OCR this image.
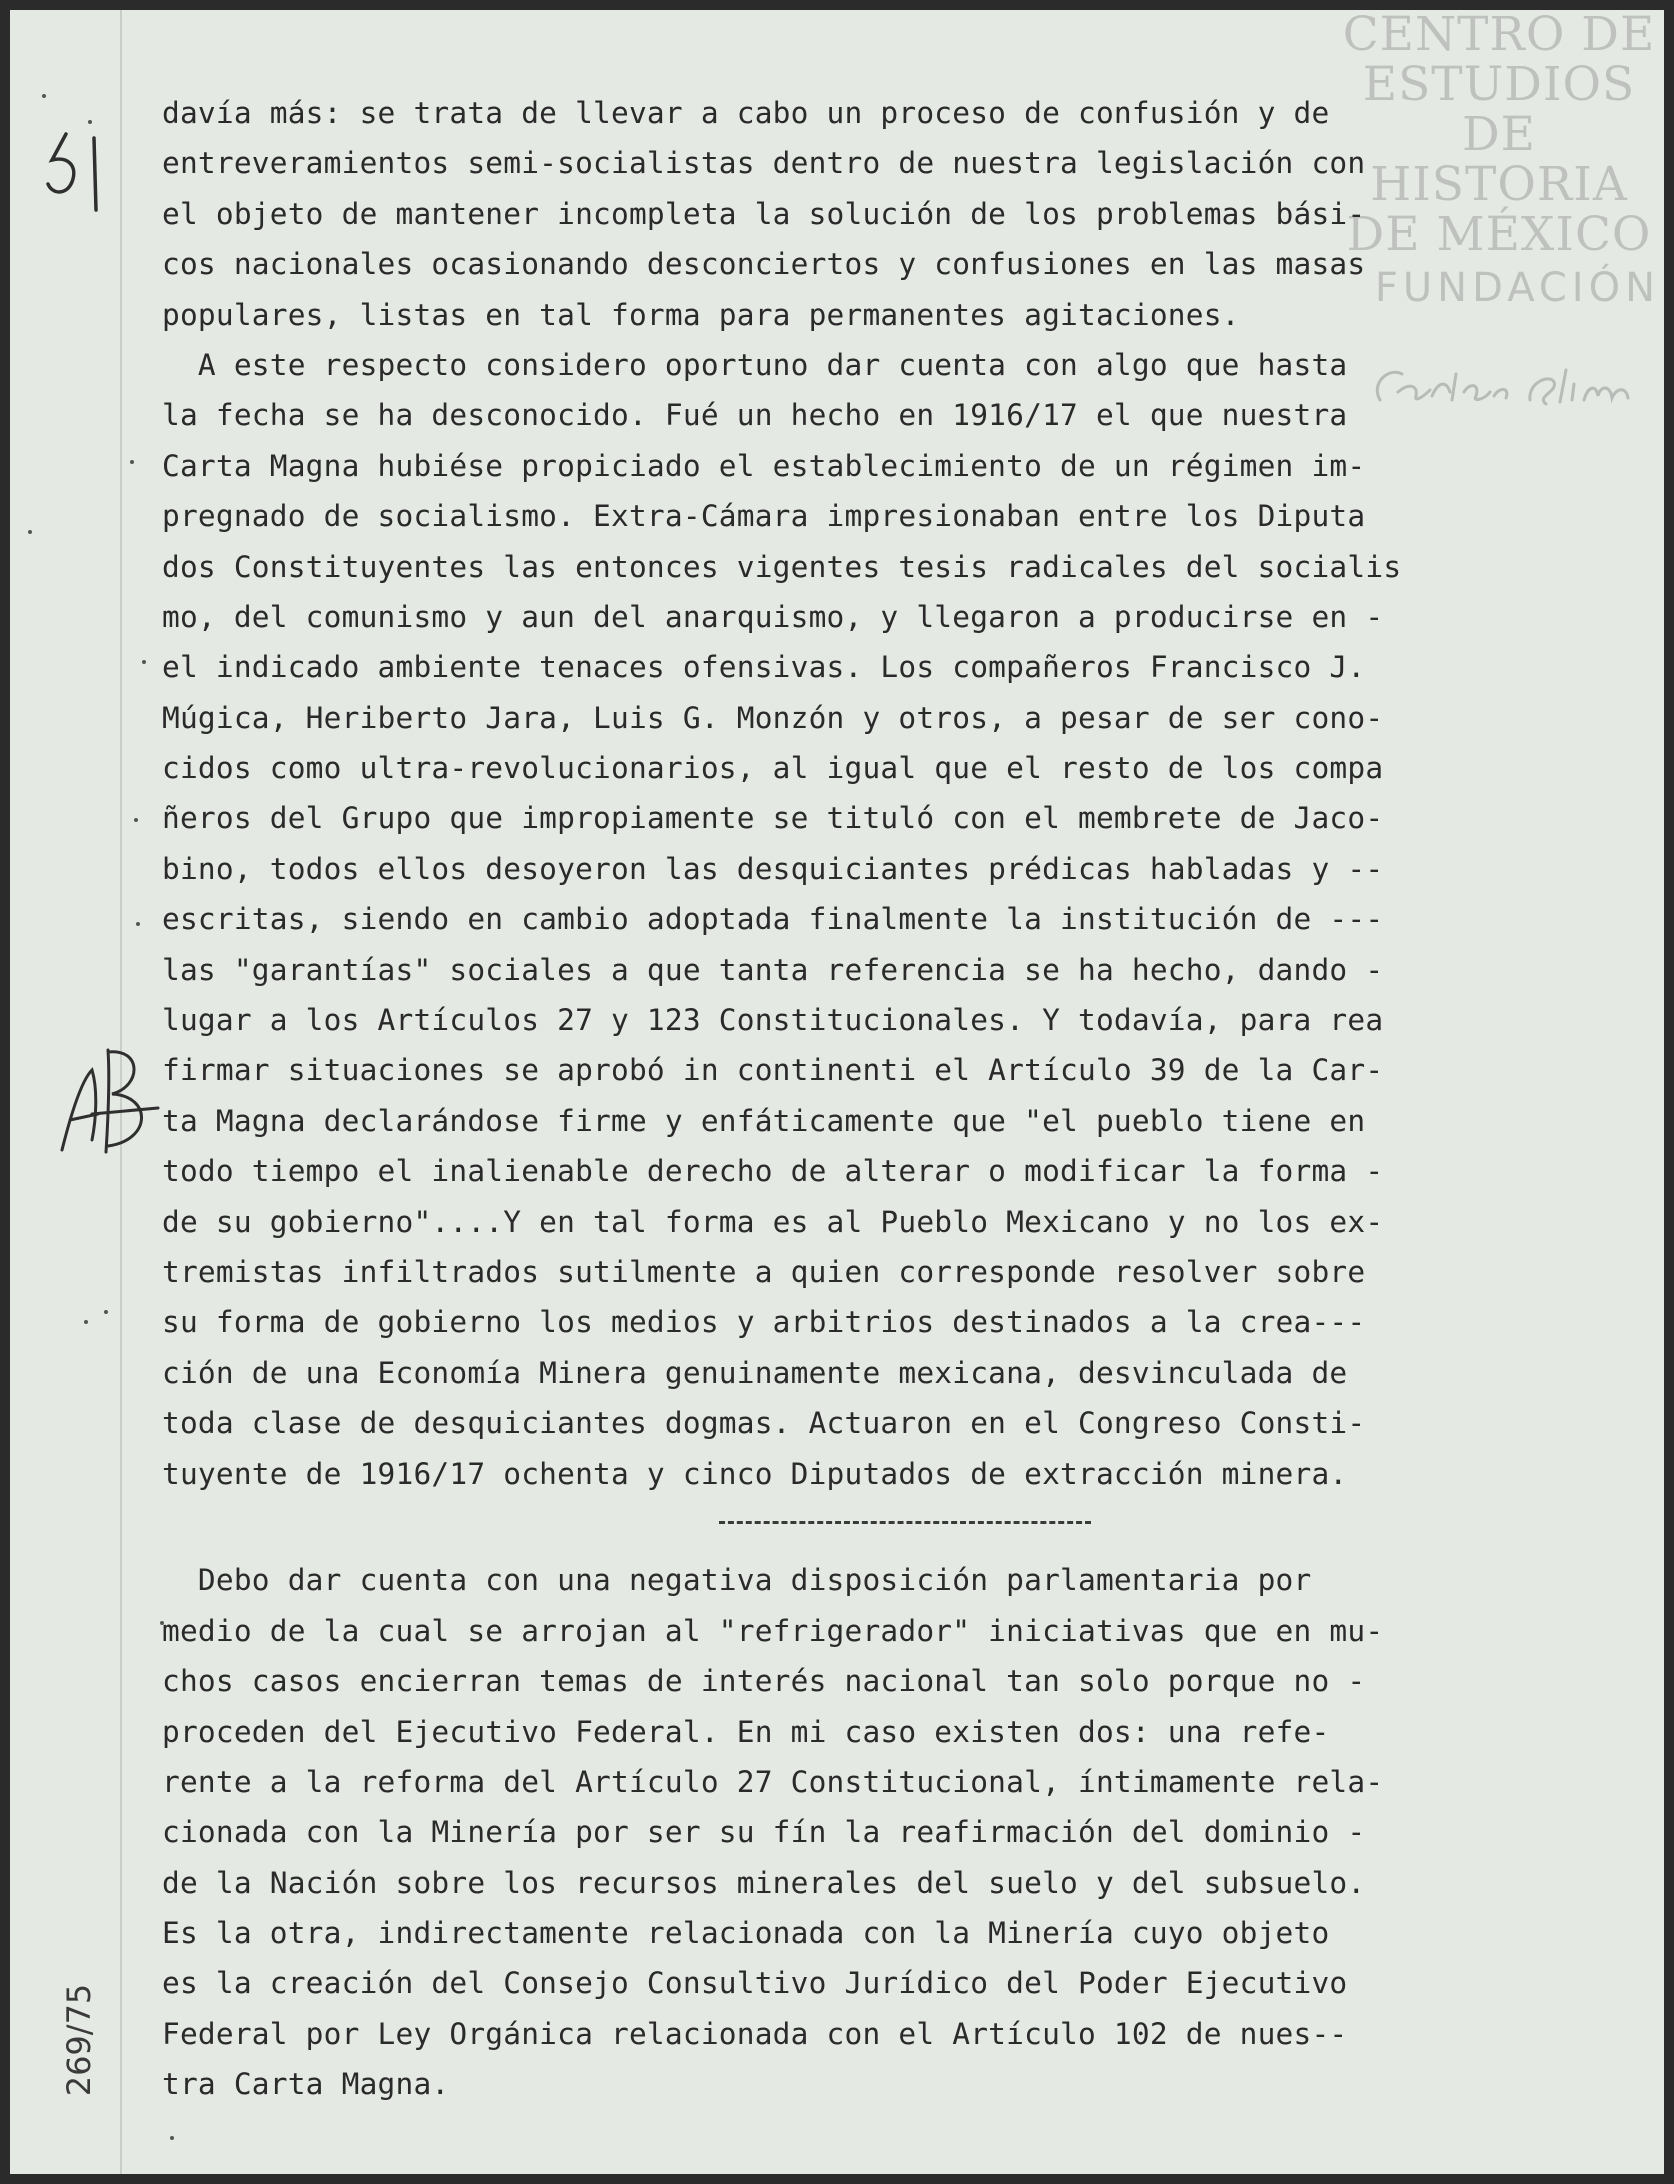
CENTRO DE
ESTUDIOS
DE HISTORIA
DE MÉXICO
FUNDACIÓN
269/75
davía más: se trata de llevar a cabo un proceso de confusión y de
entreveramientos semi-socialistas dentro de nuestra legislación con
el objeto de mantener incompleta la solución de los problemas bási-
cos nacionales ocasionando desconciertos y confusiones en las masas
populares, listas en tal forma para permanentes agitaciones.
A este respecto considero oportuno dar cuenta con algo que hasta
la fecha se ha desconocido. Fué un hecho en 1916/17 el que nuestra
Carta Magna hubiése propiciado el establecimiento de un régimen im-
pregnado de socialismo. Extra-Cámara impresionaban entre los Diputa
dos Constituyentes las entonces vigentes tesis radicales del socialis
mo, del comunismo y aun del anarquismo, y llegaron a producirse en -
el indicado ambiente tenaces ofensivas. Los compañeros Francisco J.
Múgica, Heriberto Jara, Luis G. Monzón y otros, a pesar de ser cono-
cidos como ultra-revolucionarios, al igual que el resto de los compa
ñeros del Grupo que impropiamente se tituló con el membrete de Jaco-
bino, todos ellos desoyeron las desquiciantes prédicas habladas y --
escritas, siendo en cambio adoptada finalmente la institución de ---
las "garantías" sociales a que tanta referencia se ha hecho, dando -
lugar a los Artículos 27 y 123 Constitucionales. Y todavía, para rea
firmar situaciones se aprobó in continenti el Artículo 39 de la Car-
ta Magna declarándose firme y enfáticamente que "el pueblo tiene en
todo tiempo el inalienable derecho de alterar o modificar la forma -
de su gobierno"....Y en tal forma es al Pueblo Mexicano y no los ex-
tremistas infiltrados sutilmente a quien corresponde resolver sobre
su forma de gobierno los medios y arbitrios destinados a la crea---
ción de una Economía Minera genuinamente mexicana, desvinculada de
toda clase de desquiciantes dogmas. Actuaron en el Congreso Consti-
tuyente de 1916/17 ochenta y cinco Diputados de extracción minera.
Debo dar cuenta con una negativa disposición parlamentaria por
medio de la cual se arrojan al "refrigerador" iniciativas que en mu-
chos casos encierran temas de interés nacional tan solo porque no -
proceden del Ejecutivo Federal. En mi caso existen dos: una refe-
rente a la reforma del Artículo 27 Constitucional, íntimamente rela-
cionada con la Minería por ser su fín la reafirmación del dominio -
de la Nación sobre los recursos minerales del suelo y del subsuelo.
Es la otra, indirectamente relacionada con la Minería cuyo objeto
es la creación del Consejo Consultivo Jurídico del Poder Ejecutivo
Federal por Ley Orgánica relacionada con el Artículo 102 de nues--
tra Carta Magna.
